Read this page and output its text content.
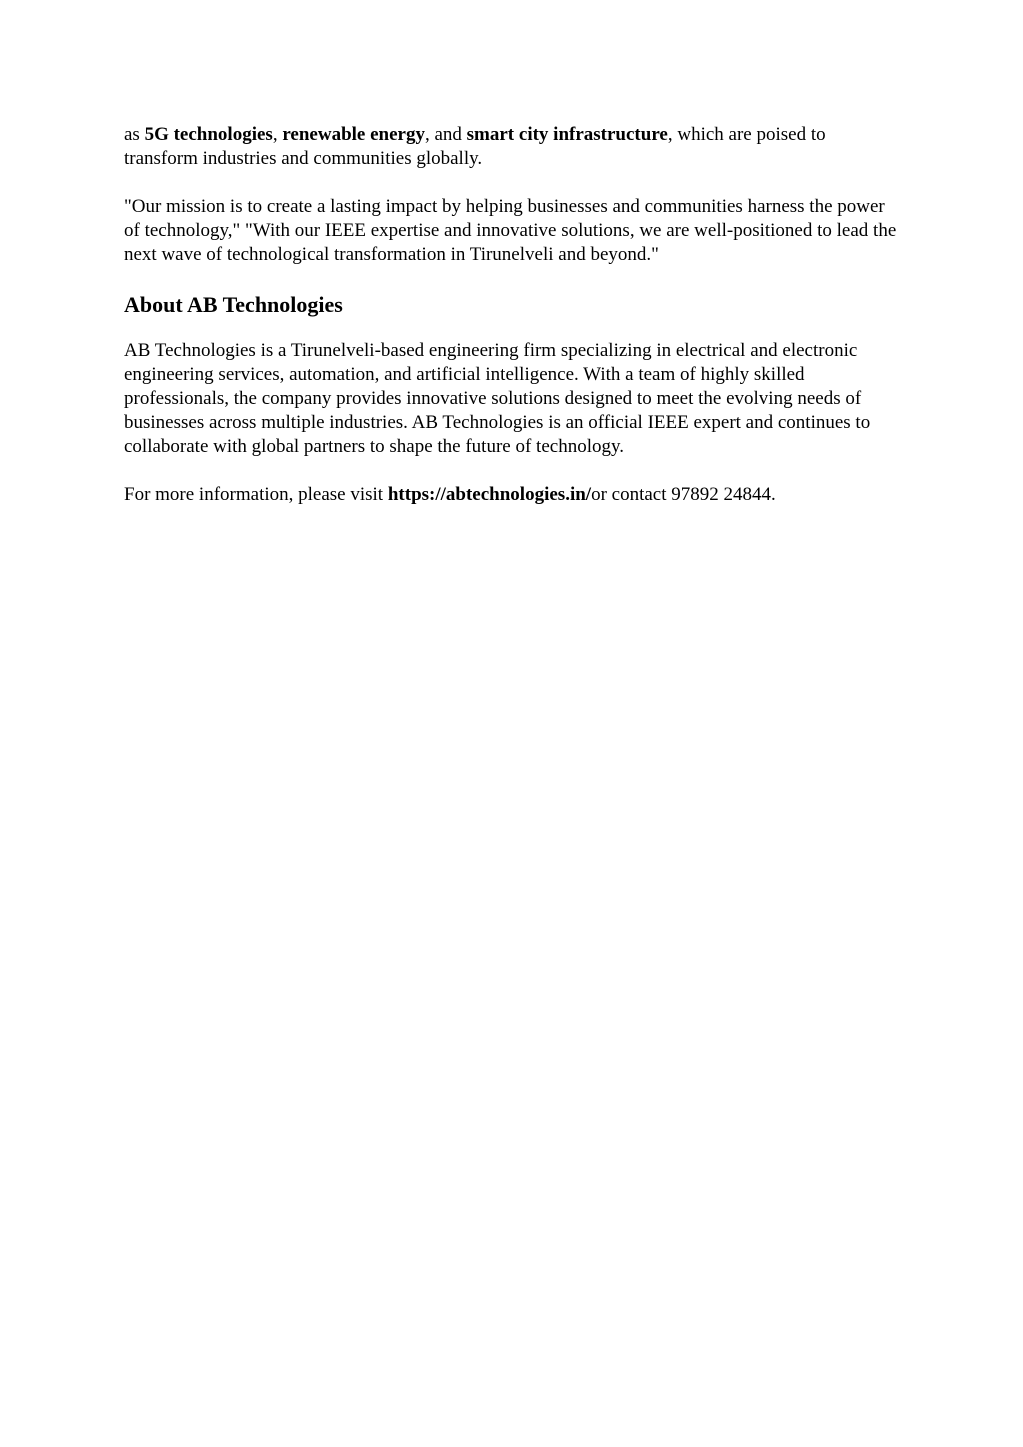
as 5G technologies, renewable energy, and smart city infrastructure, which are poised to transform industries and communities globally.

"Our mission is to create a lasting impact by helping businesses and communities harness the power of technology," "With our IEEE expertise and innovative solutions, we are well-positioned to lead the next wave of technological transformation in Tirunelveli and beyond."

About AB Technologies

AB Technologies is a Tirunelveli-based engineering firm specializing in electrical and electronic engineering services, automation, and artificial intelligence. With a team of highly skilled professionals, the company provides innovative solutions designed to meet the evolving needs of businesses across multiple industries. AB Technologies is an official IEEE expert and continues to collaborate with global partners to shape the future of technology.

For more information, please visit https://abtechnologies.in/or contact 97892 24844.
